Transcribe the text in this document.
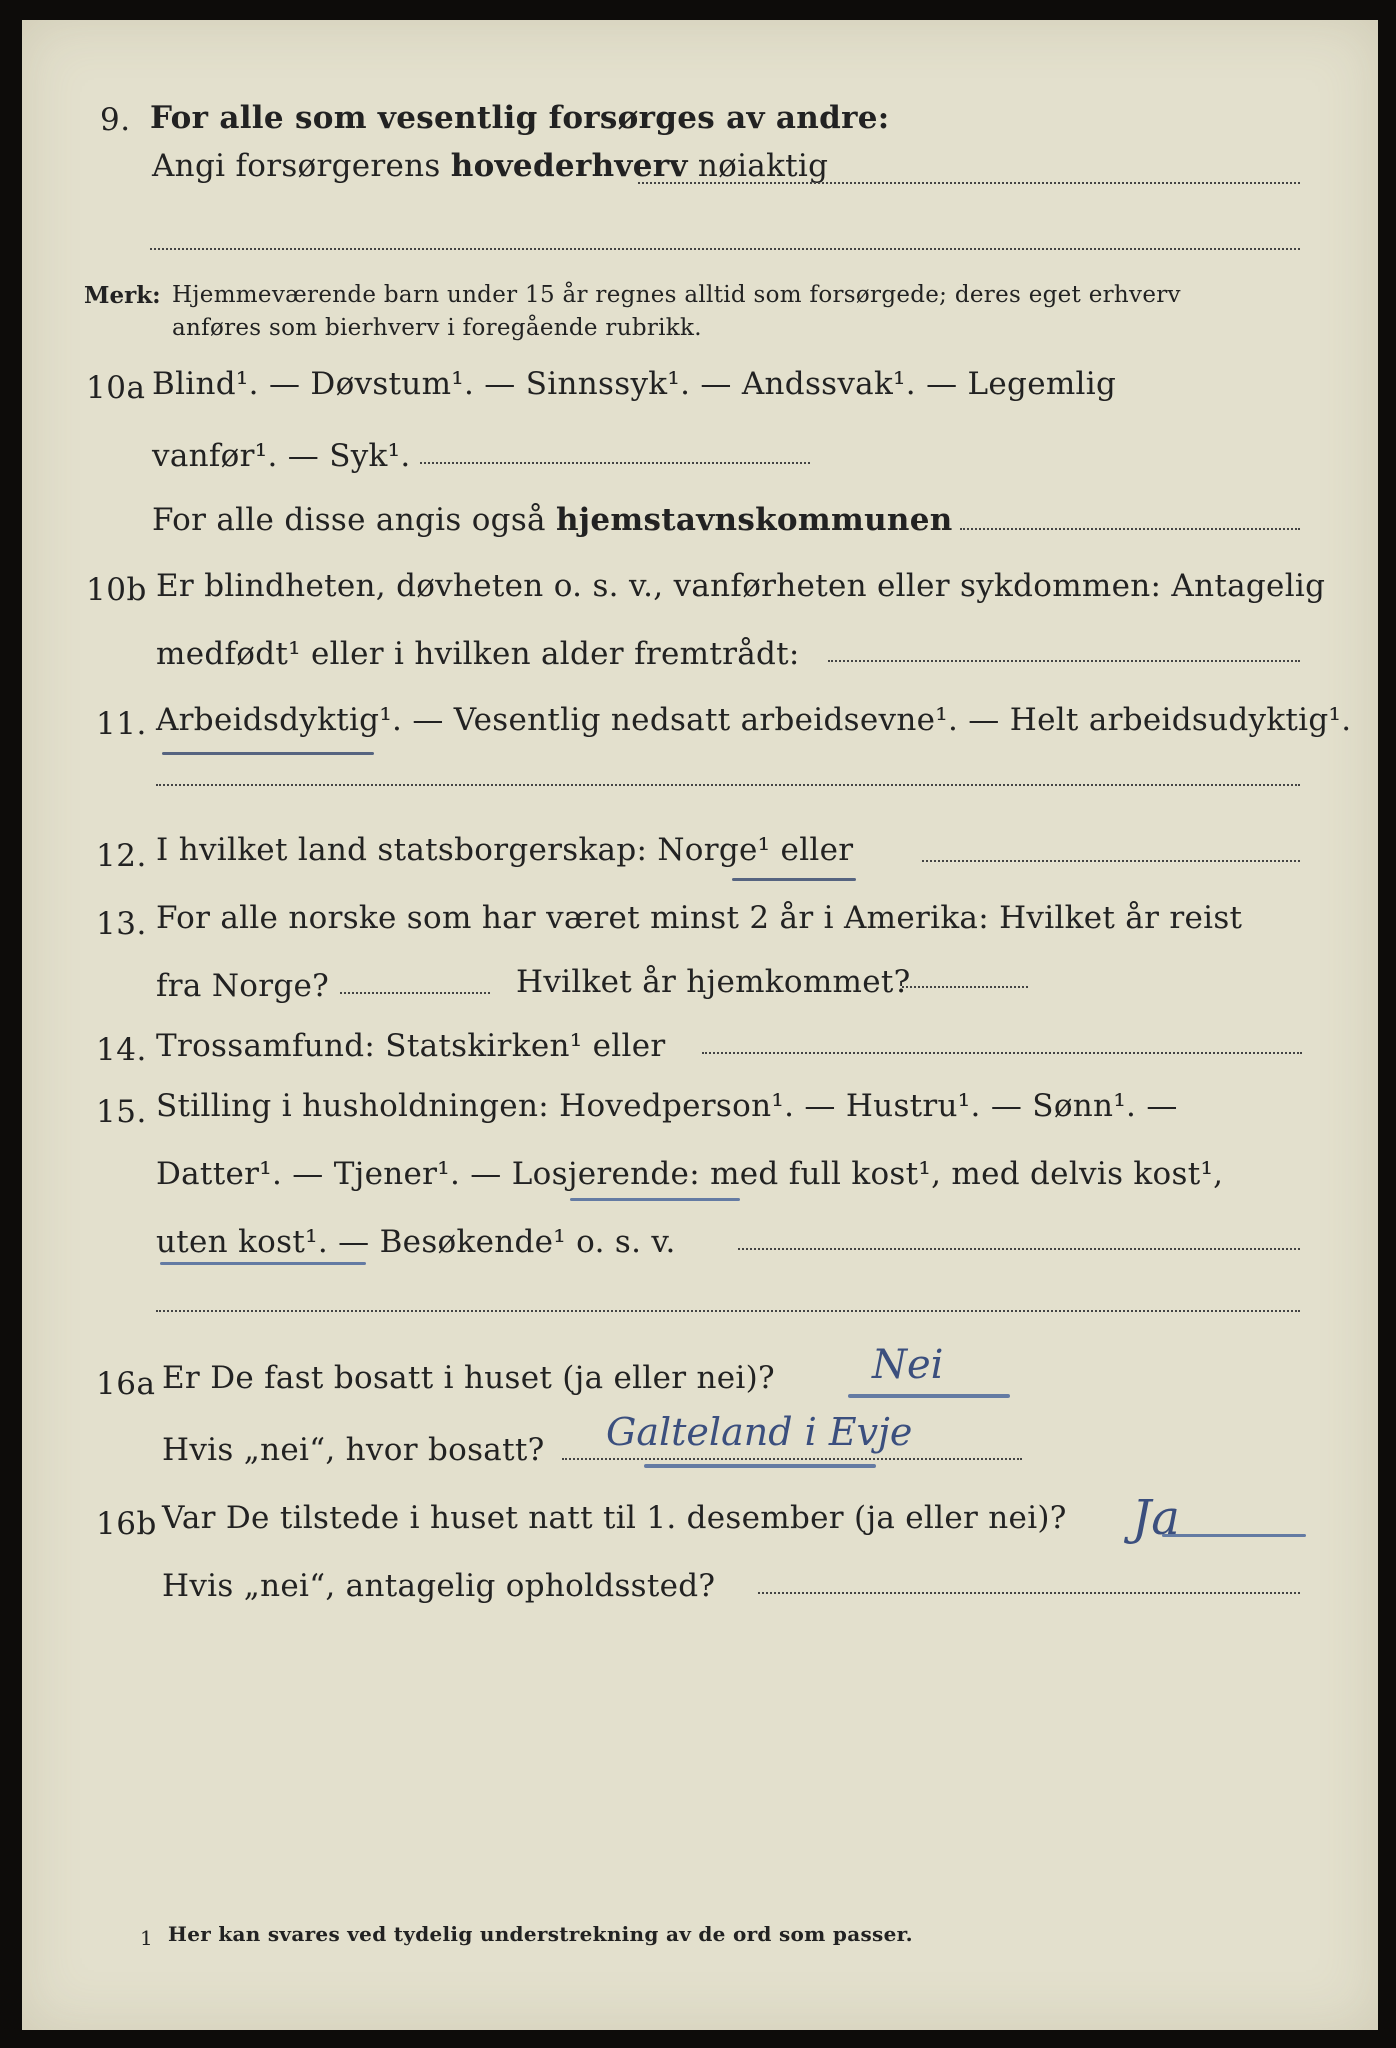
9. For alle som vesentlig forsørges av andre:
Angi forsørgerens hovederhverv nøiaktig
Merk: Hjemmeværende barn under 15 år regnes alltid som forsørgede; deres eget erhverv
anføres som bierhverv i foregående rubrikk.
10a Blind¹. — Døvstum¹. — Sinnssyk¹. — Andssvak¹. — Legemlig
vanfør¹. — Syk¹.
For alle disse angis også hjemstavnskommunen
10b Er blindheten, døvheten o. s. v., vanførheten eller sykdommen: Antagelig
medfødt¹ eller i hvilken alder fremtrådt:
11. Arbeidsdyktig¹. — Vesentlig nedsatt arbeidsevne¹. — Helt arbeidsudyktig¹.
12. I hvilket land statsborgerskap: Norge¹ eller
13. For alle norske som har været minst 2 år i Amerika: Hvilket år reist
fra Norge?	Hvilket år hjemkommet?
14. Trossamfund: Statskirken¹ eller
15. Stilling i husholdningen: Hovedperson¹. — Hustru¹. — Sønn¹. —
Datter¹. — Tjener¹. — Losjerende: med full kost¹, med delvis kost¹,
uten kost¹. — Besøkende¹ o. s. v.
16a Er De fast bosatt i huset (ja eller nei)? Nei
Hvis „nei“, hvor bosatt? Galteland i Evje
16b Var De tilstede i huset natt til 1. desember (ja eller nei)? Ja
Hvis „nei“, antagelig opholdssted?
1 Her kan svares ved tydelig understrekning av de ord som passer.
